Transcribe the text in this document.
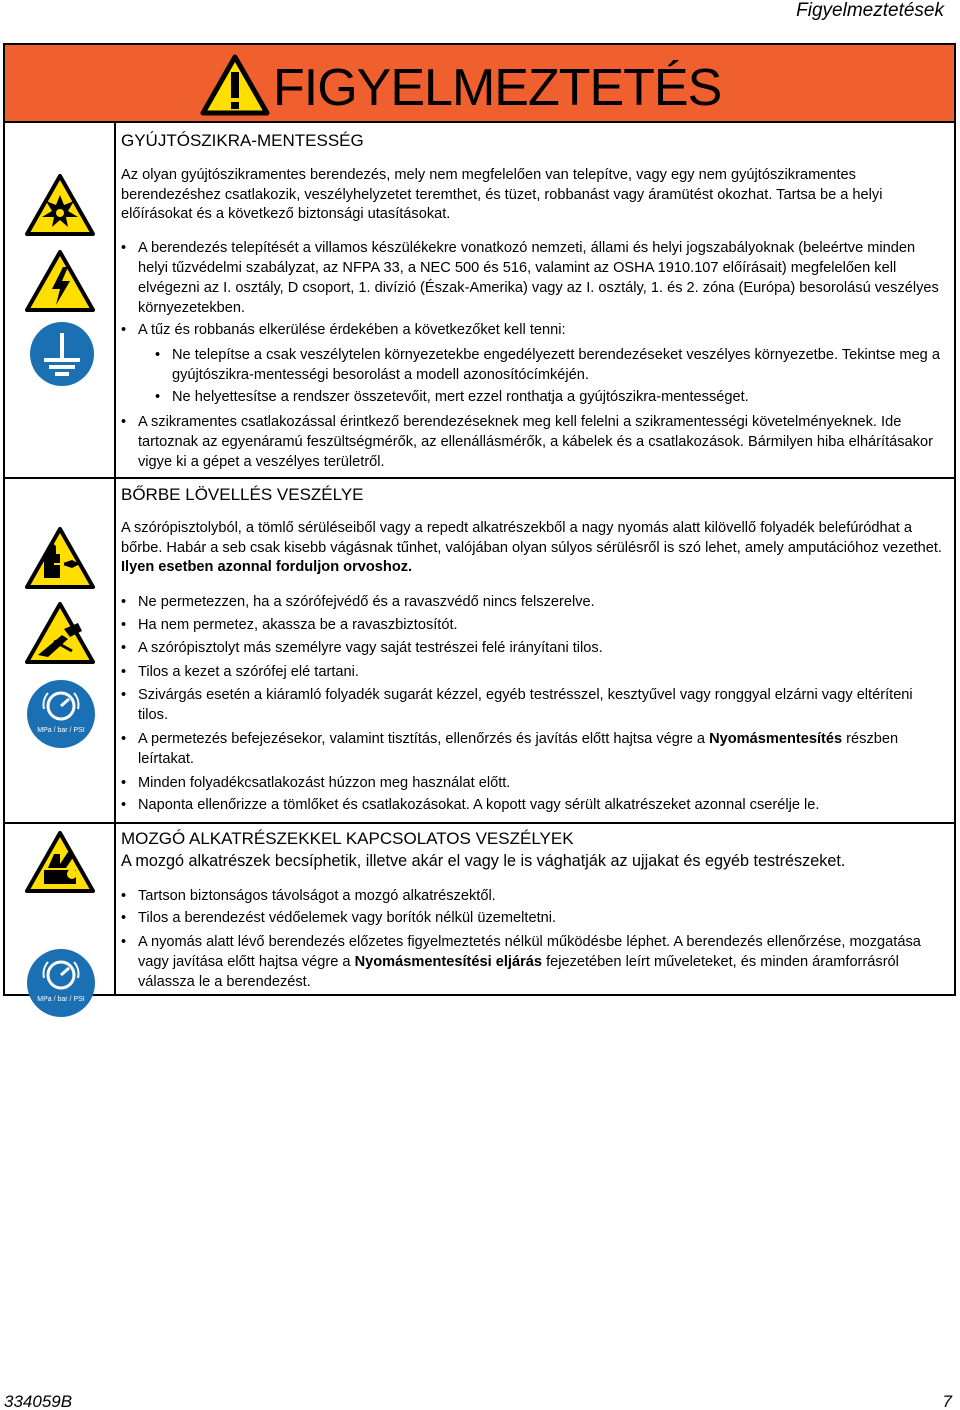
Figyelmeztetések
FIGYELMEZTETÉS
MPa / bar / PSI
MPa / bar / PSI
GYÚJTÓSZIKRA-MENTESSÉG
Az olyan gyújtószikramentes berendezés, mely nem megfelelően van telepítve, vagy egy nem gyújtószikramentes berendezéshez csatlakozik, veszélyhelyzetet teremthet, és tüzet, robbanást vagy áramütést okozhat. Tartsa be a helyi előírásokat és a következő biztonsági utasításokat.
• A berendezés telepítését a villamos készülékekre vonatkozó nemzeti, állami és helyi jogszabályoknak (beleértve minden helyi tűzvédelmi szabályzat, az NFPA 33, a NEC 500 és 516, valamint az OSHA 1910.107 előírásait) megfelelően kell elvégezni az I. osztály, D csoport, 1. divízió (Észak-Amerika) vagy az I. osztály, 1. és 2. zóna (Európa) besorolású veszélyes környezetekben.
• A tűz és robbanás elkerülése érdekében a következőket kell tenni:
• Ne telepítse a csak veszélytelen környezetekbe engedélyezett berendezéseket veszélyes környezetbe. Tekintse meg a gyújtószikra-mentességi besorolást a modell azonosítócímkéjén.
• Ne helyettesítse a rendszer összetevőit, mert ezzel ronthatja a gyújtószikra-mentességet.
• A szikramentes csatlakozással érintkező berendezéseknek meg kell felelni a szikramentességi követelményeknek. Ide tartoznak az egyenáramú feszültségmérők, az ellenállásmérők, a kábelek és a csatlakozások. Bármilyen hiba elhárításakor vigye ki a gépet a veszélyes területről.
BŐRBE LÖVELLÉS VESZÉLYE
A szórópisztolyból, a tömlő sérüléseiből vagy a repedt alkatrészekből a nagy nyomás alatt kilövellő folyadék belefúródhat a bőrbe. Habár a seb csak kisebb vágásnak tűnhet, valójában olyan súlyos sérülésről is szó lehet, amely amputációhoz vezethet. Ilyen esetben azonnal forduljon orvoshoz.
• Ne permetezzen, ha a szórófejvédő és a ravaszvédő nincs felszerelve.
• Ha nem permetez, akassza be a ravaszbiztosítót.
• A szórópisztolyt más személyre vagy saját testrészei felé irányítani tilos.
• Tilos a kezet a szórófej elé tartani.
• Szivárgás esetén a kiáramló folyadék sugarát kézzel, egyéb testrésszel, kesztyűvel vagy ronggyal elzárni vagy eltéríteni tilos.
• A permetezés befejezésekor, valamint tisztítás, ellenőrzés és javítás előtt hajtsa végre a Nyomásmentesítés részben leírtakat.
• Minden folyadékcsatlakozást húzzon meg használat előtt.
• Naponta ellenőrizze a tömlőket és csatlakozásokat. A kopott vagy sérült alkatrészeket azonnal cserélje le.
MOZGÓ ALKATRÉSZEKKEL KAPCSOLATOS VESZÉLYEK
A mozgó alkatrészek becsíphetik, illetve akár el vagy le is vághatják az ujjakat és egyéb testrészeket.
• Tartson biztonságos távolságot a mozgó alkatrészektől.
• Tilos a berendezést védőelemek vagy borítók nélkül üzemeltetni.
• A nyomás alatt lévő berendezés előzetes figyelmeztetés nélkül működésbe léphet. A berendezés ellenőrzése, mozgatása vagy javítása előtt hajtsa végre a Nyomásmentesítési eljárás fejezetében leírt műveleteket, és minden áramforrásról válassza le a berendezést.
334059B	7
